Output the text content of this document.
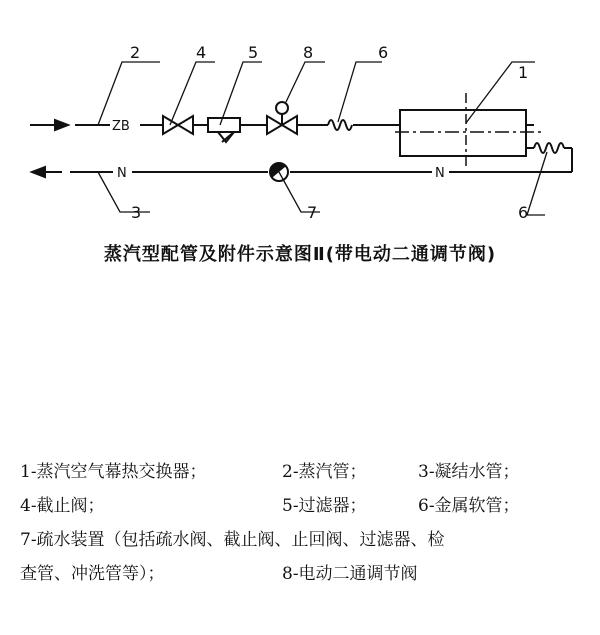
2	4	5	8	6
1
3	7	6
ZB
N	N
蒸汽型配管及附件示意图Ⅱ(带电动二通调节阀)
1-蒸汽空气幕热交换器；	2-蒸汽管；	3-凝结水管；
4-截止阀；	5-过滤器；	6-金属软管；
7-疏水装置（包括疏水阀、截止阀、止回阀、过滤器、检
查管、冲洗管等）；	8-电动二通调节阀
